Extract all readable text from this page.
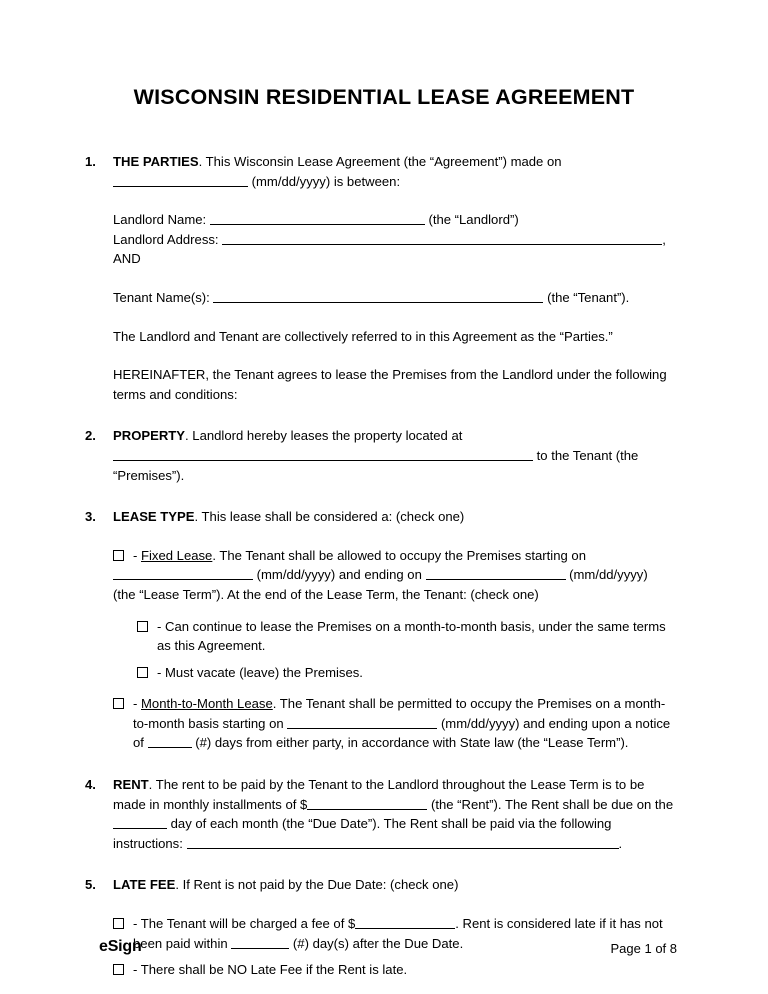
WISCONSIN RESIDENTIAL LEASE AGREEMENT
1.	THE PARTIES. This Wisconsin Lease Agreement (the “Agreement”) made on
(mm/dd/yyyy) is between:

Landlord Name:	(the “Landlord”)

Landlord Address:	, AND

Tenant Name(s):	(the “Tenant”).

The Landlord and Tenant are collectively referred to in this Agreement as the “Parties.”

HEREINAFTER, the Tenant agrees to lease the Premises from the Landlord under the following terms and conditions:

2.	PROPERTY. Landlord hereby leases the property located at
to the Tenant (the “Premises”).

3.	LEASE TYPE. This lease shall be considered a: (check one)

- Fixed Lease. The Tenant shall be allowed to occupy the Premises starting on

(mm/dd/yyyy) and ending on	(mm/dd/yyyy)

(the “Lease Term”). At the end of the Lease Term, the Tenant: (check one)

- Can continue to lease the Premises on a month-to-month basis, under the same terms as this Agreement.
- Must vacate (leave) the Premises.
- Month-to-Month Lease. The Tenant shall be permitted to occupy the Premises on a month-to-month basis starting on	(mm/dd/yyyy) and ending upon a notice of	(#) days from either party, in accordance with State law (the “Lease Term”).
4.	RENT. The rent to be paid by the Tenant to the Landlord throughout the Lease Term is to be made in monthly installments of $	(the “Rent”). The Rent shall be due on the  day of each month (the “Due Date”). The Rent shall be paid via the following instructions:	.

5.	LATE FEE. If Rent is not paid by the Due Date: (check one)

- The Tenant will be charged a fee of $	. Rent is considered late if it has not been paid within	(#) day(s) after the Due Date.
- There shall be NO Late Fee if the Rent is late.
eSign	Page 1 of 8
